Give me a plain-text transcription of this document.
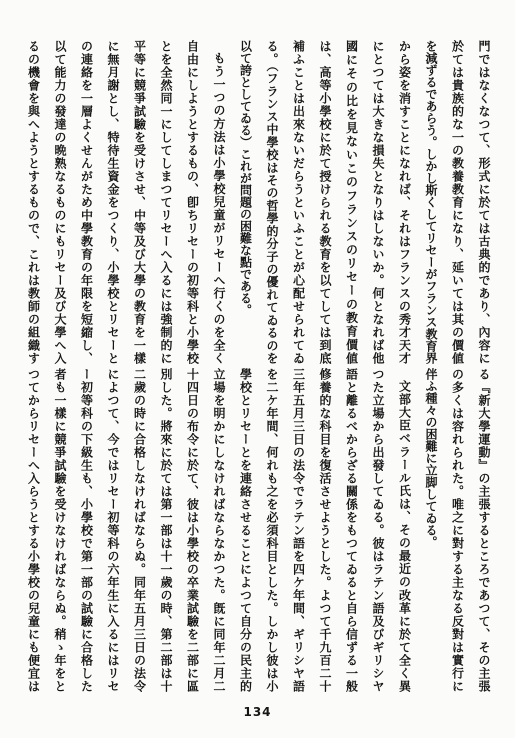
門ではなくなつて、形式に於ては古典的であり、內容に
於ては貴族的な一の教養教育になり、延いては其の價値
を減ずるであらう。しかし斯くしてリセーがフランス教育界
から姿を消すことになれば、それはフランスの秀才天才
にとつては大きな損失となりはしないか。何となれば他
國にその比を見ないこのフランスのリセーの教育價値
は、高等小學校に於て授けられる教育を以てしては到底
補ふことは出來ないだらうといふことが心配せられてゐ
る。（フランス中學校はその哲學的分子の優れてゐるのを
以て誇としてゐる）これが問題の困難な點である。
もう一つの方法は小學校兒童がリセーへ行くのを全く
自由にしようとするもの、卽ちリセーの初等科と小學校
とを全然同一にしてしまつてリセーへ入るには強制的に
平等に競爭試驗を受けさせ、中等及び大學の教育を一樣
に無月謝とし、特待生資金をつくり、小學校とリセーと
の連絡を一層よくせんがため中學教育の年限を短縮し、
以て能力の發達の晩熟なるものにもリセー及び大學へ入
るの機會を與へようとするもので、これは教師の組織す
る『新大學運動』の主張するところであつて、その主張
の多くは容れられた。唯之に對する主なる反對は實行に
伴ふ種々の困難に立脚してゐる。
文部大臣ベラール氏は、その最近の改革に於て全く異
つた立場から出發してゐる。彼はラテン語及びギリシヤ
語と離るべからざる關係をもつてゐると自ら信ずる一般
修養的な科目を復活させようとした。よつて千九百二十
三年五月三日の法令でラテン語を四ケ年間、ギリシヤ語
を二ケ年間、何れも之を必須科目とした。しかし彼は小
學校とリセーとを連絡させることによつて自分の民主的
立場を明かにしなければならなかつた。旣に同年二月二
十四日の布令に於て、彼は小學校の卒業試驗を二部に區
別した。將來に於ては第一部は十一歲の時、第二部は十
二歲の時に合格しなければならぬ。同年五月三日の法令
によつて、今ではリセー初等科の六年生に入るにはリセ
ー初等科の下級生も、小學校で第一部の試驗に合格した
者も一樣に競爭試驗を受けなければならぬ。稍ゝ年をと
つてからリセーへ入らうとする小學校の兒童にも便宜は
134
